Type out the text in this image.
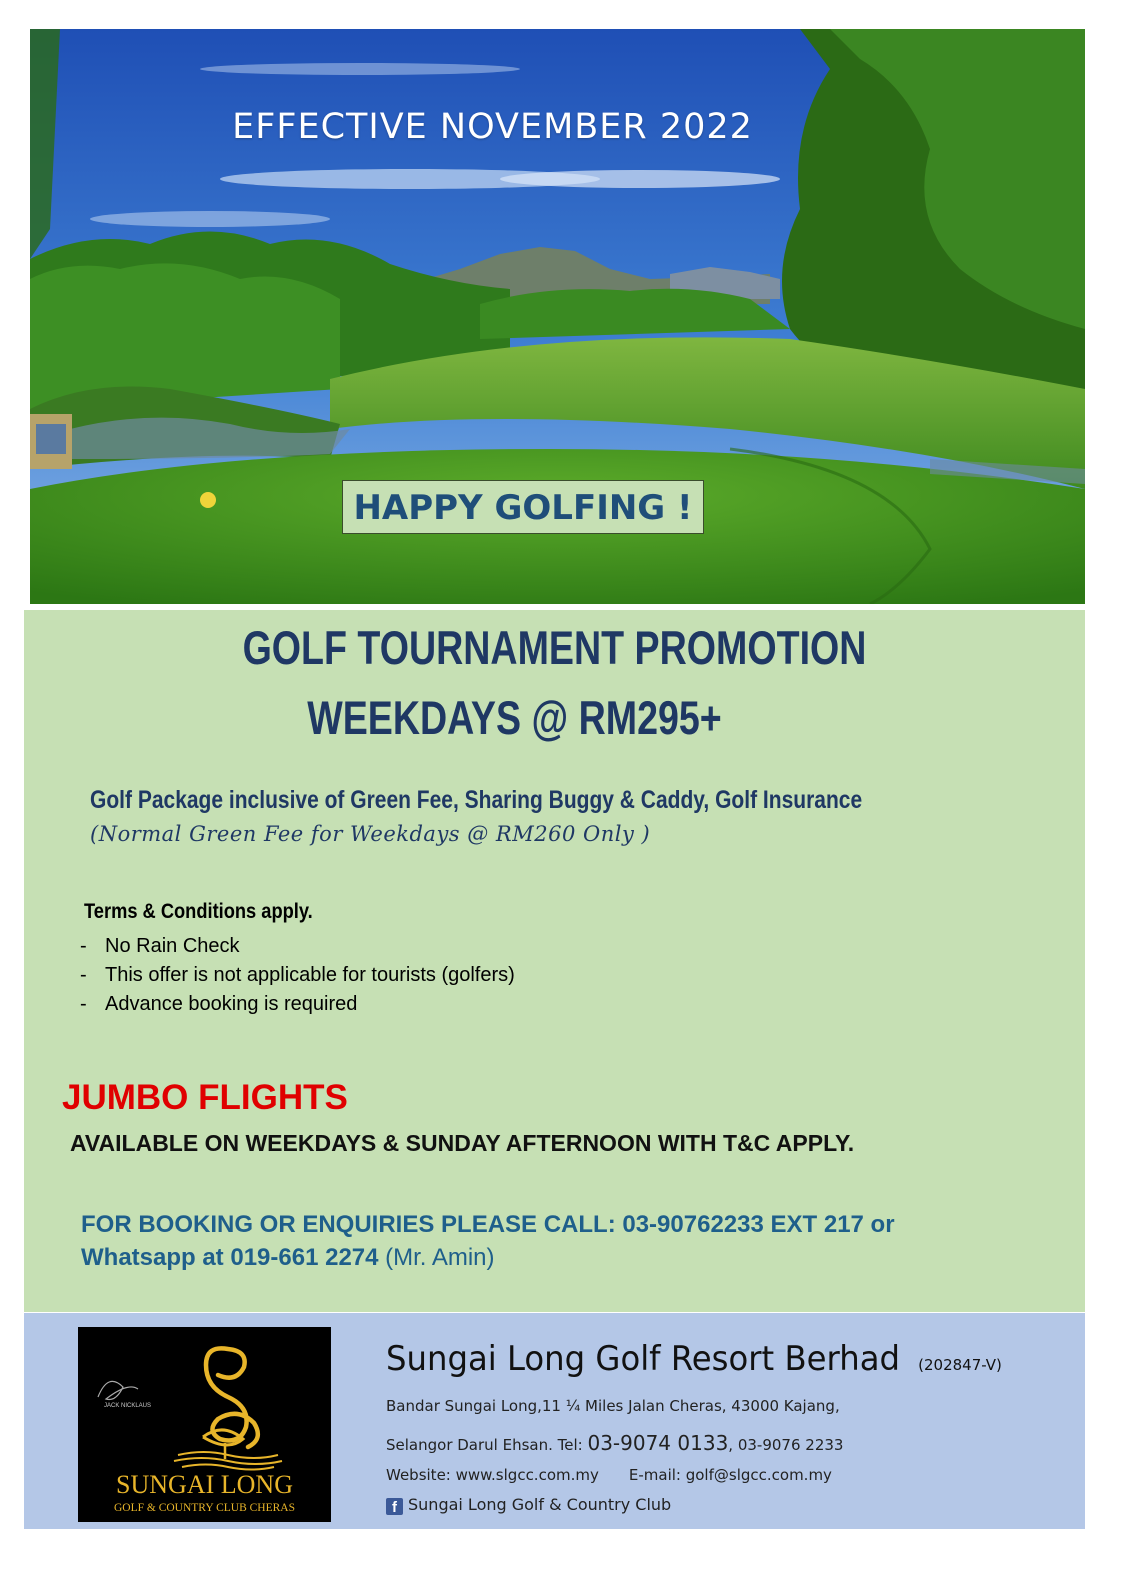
EFFECTIVE NOVEMBER 2022
HAPPY GOLFING !
GOLF TOURNAMENT PROMOTION
WEEKDAYS @ RM295+
Golf Package inclusive of Green Fee, Sharing Buggy & Caddy, Golf Insurance
(Normal Green Fee for Weekdays @ RM260 Only )
Terms & Conditions apply.
- No Rain Check
- This offer is not applicable for tourists (golfers)
- Advance booking is required
JUMBO FLIGHTS
AVAILABLE ON WEEKDAYS & SUNDAY AFTERNOON WITH T&C APPLY.
FOR BOOKING OR ENQUIRIES PLEASE CALL: 03-90762233 EXT 217 or
Whatsapp at 019-661 2274 (Mr. Amin)
JACK NICKLAUS
SUNGAI LONG
GOLF & COUNTRY CLUB CHERAS
Sungai Long Golf Resort Berhad (202847-V)
Bandar Sungai Long,11 ¼ Miles Jalan Cheras, 43000 Kajang,
Selangor Darul Ehsan. Tel: 03-9074 0133, 03-9076 2233
Website: www.slgcc.com.my E-mail: golf@slgcc.com.my
f Sungai Long Golf & Country Club
